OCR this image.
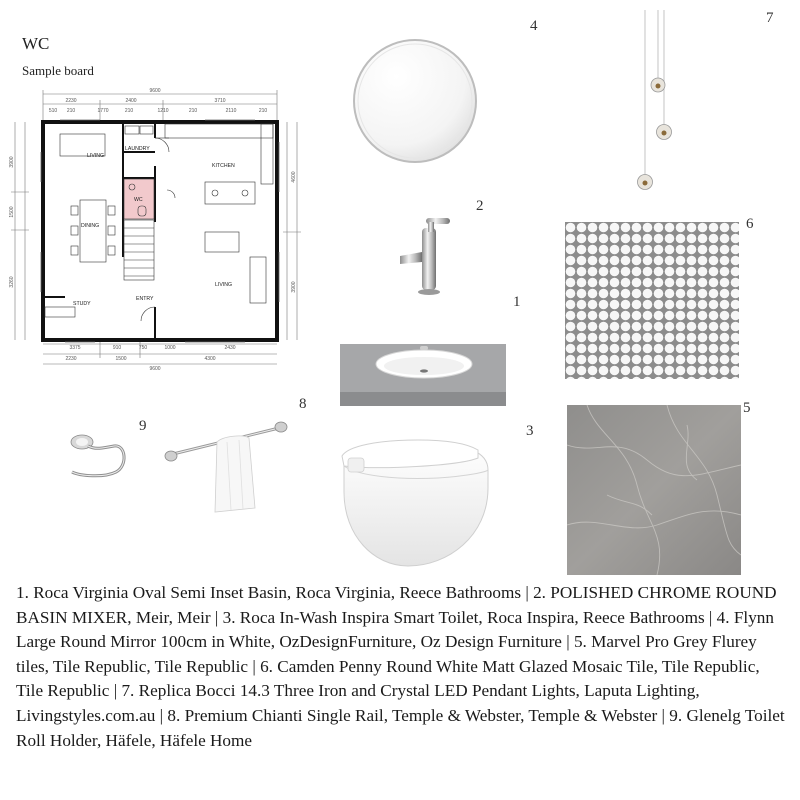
WC
Sample board
9600
2230	2400	3710
510 210	1770	210	1210	210	2110	210
3375	910	750	1000	2430
2230	1500	4300
9600
3900
1500
3260
4600
3900
LIVING
LAUNDRY
KITCHEN
WC
DINING
LIVING
STUDY
ENTRY
4	7
2
6
1
5
9
8
3
1. Roca Virginia Oval Semi Inset Basin, Roca Virginia, Reece Bathrooms | 2. POLISHED CHROME ROUND BASIN MIXER, Meir, Meir | 3. Roca In-Wash Inspira Smart Toilet, Roca Inspira, Reece Bathrooms | 4. Flynn Large Round Mirror 100cm in White, OzDesignFurniture, Oz Design Furniture | 5. Marvel Pro Grey Flurey tiles, Tile Republic, Tile Republic | 6. Camden Penny Round White Matt Glazed Mosaic Tile, Tile Republic, Tile Republic | 7. Replica Bocci 14.3 Three Iron and Crystal LED Pendant Lights, Laputa Lighting, Livingstyles.com.au | 8. Premium Chianti Single Rail, Temple & Webster, Temple & Webster | 9. Glenelg Toilet Roll Holder, Häfele, Häfele Home
